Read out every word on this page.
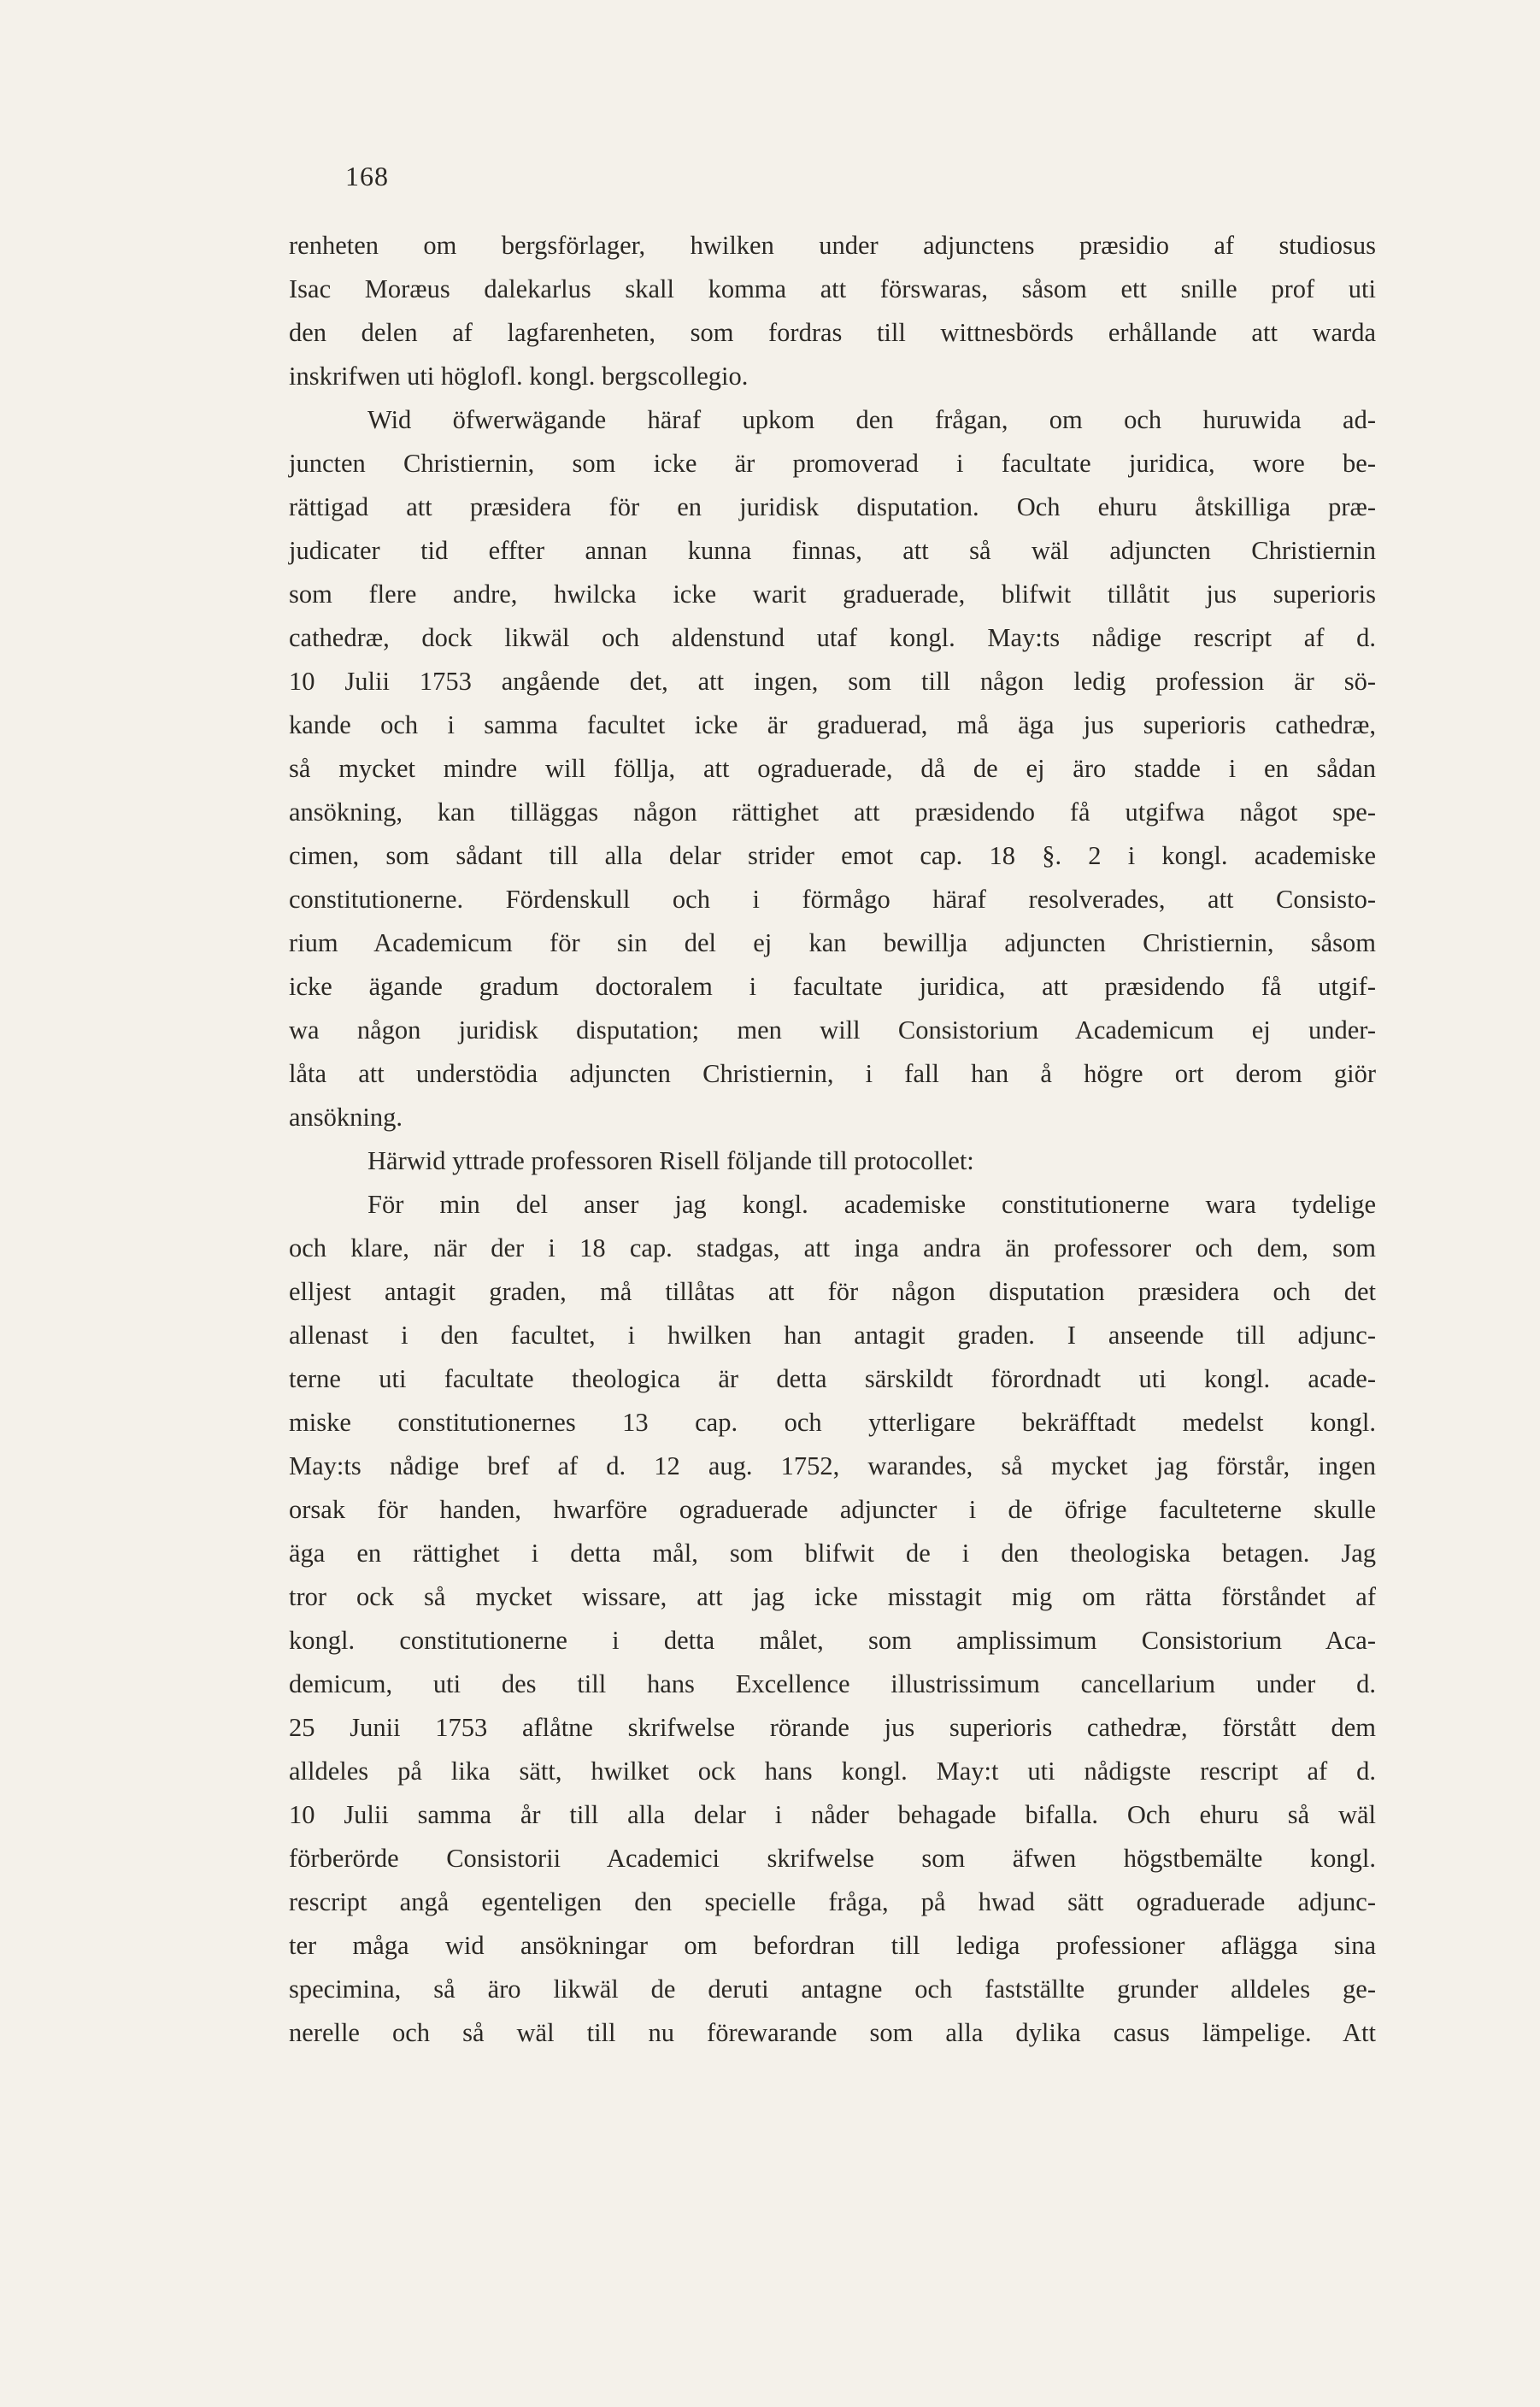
168
renheten om bergsförlager, hwilken under adjunctens præsidio af studiosus
Isac Moræus dalekarlus skall komma att förswaras, såsom ett snille prof uti
den delen af lagfarenheten, som fordras till wittnesbörds erhållande att warda
inskrifwen uti höglofl. kongl. bergscollegio.
Wid öfwerwägande häraf upkom den frågan, om och huruwida ad-
juncten Christiernin, som icke är promoverad i facultate juridica, wore be-
rättigad att præsidera för en juridisk disputation. Och ehuru åtskilliga præ-
judicater tid effter annan kunna finnas, att så wäl adjuncten Christiernin
som flere andre, hwilcka icke warit graduerade, blifwit tillåtit jus superioris
cathedræ, dock likwäl och aldenstund utaf kongl. May:ts nådige rescript af d.
10 Julii 1753 angående det, att ingen, som till någon ledig profession är sö-
kande och i samma facultet icke är graduerad, må äga jus superioris cathedræ,
så mycket mindre will föllja, att ograduerade, då de ej äro stadde i en sådan
ansökning, kan tilläggas någon rättighet att præsidendo få utgifwa något spe-
cimen, som sådant till alla delar strider emot cap. 18 §. 2 i kongl. academiske
constitutionerne. Fördenskull och i förmågo häraf resolverades, att Consisto-
rium Academicum för sin del ej kan bewillja adjuncten Christiernin, såsom
icke ägande gradum doctoralem i facultate juridica, att præsidendo få utgif-
wa någon juridisk disputation; men will Consistorium Academicum ej under-
låta att understödia adjuncten Christiernin, i fall han å högre ort derom giör
ansökning.
Härwid yttrade professoren Risell följande till protocollet:
För min del anser jag kongl. academiske constitutionerne wara tydelige
och klare, när der i 18 cap. stadgas, att inga andra än professorer och dem, som
elljest antagit graden, må tillåtas att för någon disputation præsidera och det
allenast i den facultet, i hwilken han antagit graden. I anseende till adjunc-
terne uti facultate theologica är detta särskildt förordnadt uti kongl. acade-
miske constitutionernes 13 cap. och ytterligare bekräfftadt medelst kongl.
May:ts nådige bref af d. 12 aug. 1752, warandes, så mycket jag förstår, ingen
orsak för handen, hwarföre ograduerade adjuncter i de öfrige faculteterne skulle
äga en rättighet i detta mål, som blifwit de i den theologiska betagen. Jag
tror ock så mycket wissare, att jag icke misstagit mig om rätta förståndet af
kongl. constitutionerne i detta målet, som amplissimum Consistorium Aca-
demicum, uti des till hans Excellence illustrissimum cancellarium under d.
25 Junii 1753 aflåtne skrifwelse rörande jus superioris cathedræ, förstått dem
alldeles på lika sätt, hwilket ock hans kongl. May:t uti nådigste rescript af d.
10 Julii samma år till alla delar i nåder behagade bifalla. Och ehuru så wäl
förberörde Consistorii Academici skrifwelse som äfwen högstbemälte kongl.
rescript angå egenteligen den specielle fråga, på hwad sätt ograduerade adjunc-
ter måga wid ansökningar om befordran till lediga professioner aflägga sina
specimina, så äro likwäl de deruti antagne och fastställte grunder alldeles ge-
nerelle och så wäl till nu förewarande som alla dylika casus lämpelige. Att
